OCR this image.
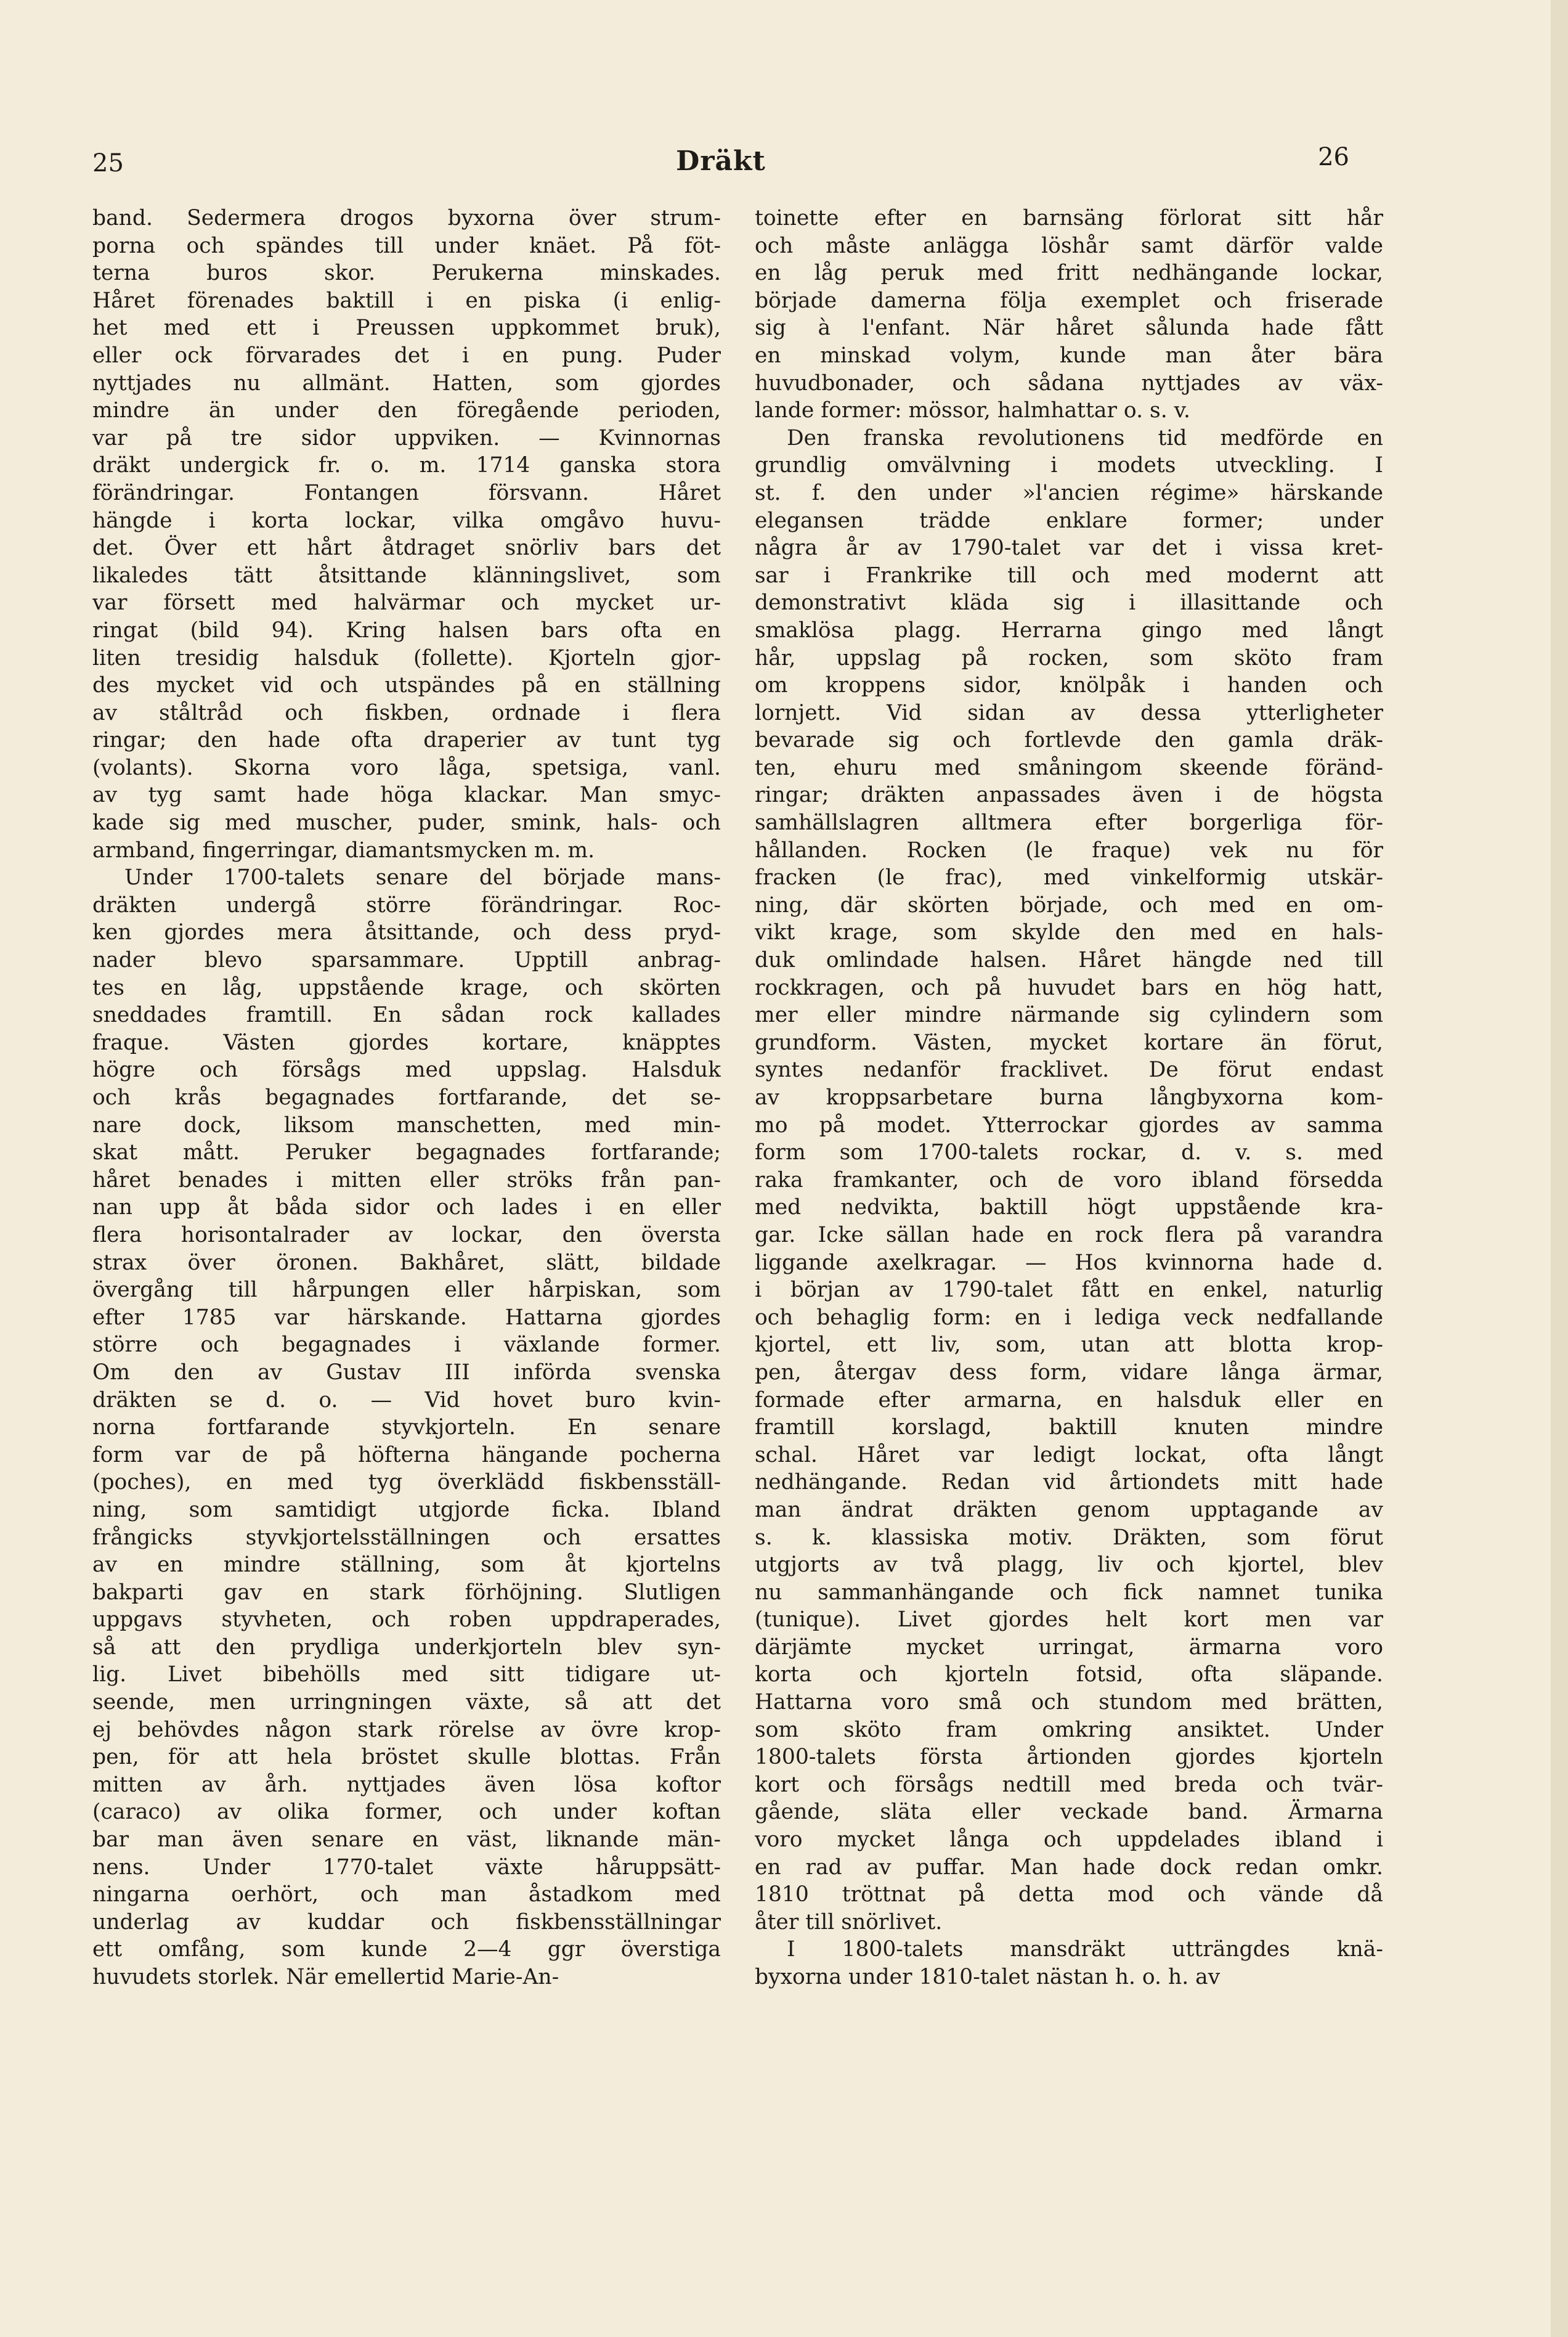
25	Dräkt	26
band. Sedermera drogos byxorna över strum-
porna och spändes till under knäet. På föt-
terna buros skor. Perukerna minskades.
Håret förenades baktill i en piska (i enlig-
het med ett i Preussen uppkommet bruk),
eller ock förvarades det i en pung. Puder
nyttjades nu allmänt. Hatten, som gjordes
mindre än under den föregående perioden,
var på tre sidor uppviken. — Kvinnornas
dräkt undergick fr. o. m. 1714 ganska stora
förändringar. Fontangen försvann. Håret
hängde i korta lockar, vilka omgåvo huvu-
det. Över ett hårt åtdraget snörliv bars det
likaledes tätt åtsittande klänningslivet, som
var försett med halvärmar och mycket ur-
ringat (bild 94). Kring halsen bars ofta en
liten tresidig halsduk (follette). Kjorteln gjor-
des mycket vid och utspändes på en ställning
av ståltråd och fiskben, ordnade i flera
ringar; den hade ofta draperier av tunt tyg
(volants). Skorna voro låga, spetsiga, vanl.
av tyg samt hade höga klackar. Man smyc-
kade sig med muscher, puder, smink, hals- och
armband, fingerringar, diamantsmycken m. m.
Under 1700-talets senare del började mans-
dräkten undergå större förändringar. Roc-
ken gjordes mera åtsittande, och dess pryd-
nader blevo sparsammare. Upptill anbrag-
tes en låg, uppstående krage, och skörten
sneddades framtill. En sådan rock kallades
fraque. Västen gjordes kortare, knäpptes
högre och försågs med uppslag. Halsduk
och krås begagnades fortfarande, det se-
nare dock, liksom manschetten, med min-
skat mått. Peruker begagnades fortfarande;
håret benades i mitten eller ströks från pan-
nan upp åt båda sidor och lades i en eller
flera horisontalrader av lockar, den översta
strax över öronen. Bakhåret, slätt, bildade
övergång till hårpungen eller hårpiskan, som
efter 1785 var härskande. Hattarna gjordes
större och begagnades i växlande former.
Om den av Gustav III införda svenska
dräkten se d. o. — Vid hovet buro kvin-
norna fortfarande styvkjorteln. En senare
form var de på höfterna hängande pocherna
(poches), en med tyg överklädd fiskbensställ-
ning, som samtidigt utgjorde ficka. Ibland
frångicks styvkjortelsställningen och ersattes
av en mindre ställning, som åt kjortelns
bakparti gav en stark förhöjning. Slutligen
uppgavs styvheten, och roben uppdraperades,
så att den prydliga underkjorteln blev syn-
lig. Livet bibehölls med sitt tidigare ut-
seende, men urringningen växte, så att det
ej behövdes någon stark rörelse av övre krop-
pen, för att hela bröstet skulle blottas. Från
mitten av årh. nyttjades även lösa koftor
(caraco) av olika former, och under koftan
bar man även senare en väst, liknande män-
nens. Under 1770-talet växte håruppsätt-
ningarna oerhört, och man åstadkom med
underlag av kuddar och fiskbensställningar
ett omfång, som kunde 2—4 ggr överstiga
huvudets storlek. När emellertid Marie-An-
toinette efter en barnsäng förlorat sitt hår
och måste anlägga löshår samt därför valde
en låg peruk med fritt nedhängande lockar,
började damerna följa exemplet och friserade
sig à l'enfant. När håret sålunda hade fått
en minskad volym, kunde man åter bära
huvudbonader, och sådana nyttjades av väx-
lande former: mössor, halmhattar o. s. v.
Den franska revolutionens tid medförde en
grundlig omvälvning i modets utveckling. I
st. f. den under »l'ancien régime» härskande
elegansen trädde enklare former; under
några år av 1790-talet var det i vissa kret-
sar i Frankrike till och med modernt att
demonstrativt kläda sig i illasittande och
smaklösa plagg. Herrarna gingo med långt
hår, uppslag på rocken, som sköto fram
om kroppens sidor, knölpåk i handen och
lornjett. Vid sidan av dessa ytterligheter
bevarade sig och fortlevde den gamla dräk-
ten, ehuru med småningom skeende föränd-
ringar; dräkten anpassades även i de högsta
samhällslagren alltmera efter borgerliga för-
hållanden. Rocken (le fraque) vek nu för
fracken (le frac), med vinkelformig utskär-
ning, där skörten började, och med en om-
vikt krage, som skylde den med en hals-
duk omlindade halsen. Håret hängde ned till
rockkragen, och på huvudet bars en hög hatt,
mer eller mindre närmande sig cylindern som
grundform. Västen, mycket kortare än förut,
syntes nedanför fracklivet. De förut endast
av kroppsarbetare burna långbyxorna kom-
mo på modet. Ytterrockar gjordes av samma
form som 1700-talets rockar, d. v. s. med
raka framkanter, och de voro ibland försedda
med nedvikta, baktill högt uppstående kra-
gar. Icke sällan hade en rock flera på varandra
liggande axelkragar. — Hos kvinnorna hade d.
i början av 1790-talet fått en enkel, naturlig
och behaglig form: en i lediga veck nedfallande
kjortel, ett liv, som, utan att blotta krop-
pen, återgav dess form, vidare långa ärmar,
formade efter armarna, en halsduk eller en
framtill korslagd, baktill knuten mindre
schal. Håret var ledigt lockat, ofta långt
nedhängande. Redan vid årtiondets mitt hade
man ändrat dräkten genom upptagande av
s. k. klassiska motiv. Dräkten, som förut
utgjorts av två plagg, liv och kjortel, blev
nu sammanhängande och fick namnet tunika
(tunique). Livet gjordes helt kort men var
därjämte mycket urringat, ärmarna voro
korta och kjorteln fotsid, ofta släpande.
Hattarna voro små och stundom med brätten,
som sköto fram omkring ansiktet. Under
1800-talets första årtionden gjordes kjorteln
kort och försågs nedtill med breda och tvär-
gående, släta eller veckade band. Ärmarna
voro mycket långa och uppdelades ibland i
en rad av puffar. Man hade dock redan omkr.
1810 tröttnat på detta mod och vände då
åter till snörlivet.
I 1800-talets mansdräkt utträngdes knä-
byxorna under 1810-talet nästan h. o. h. av
